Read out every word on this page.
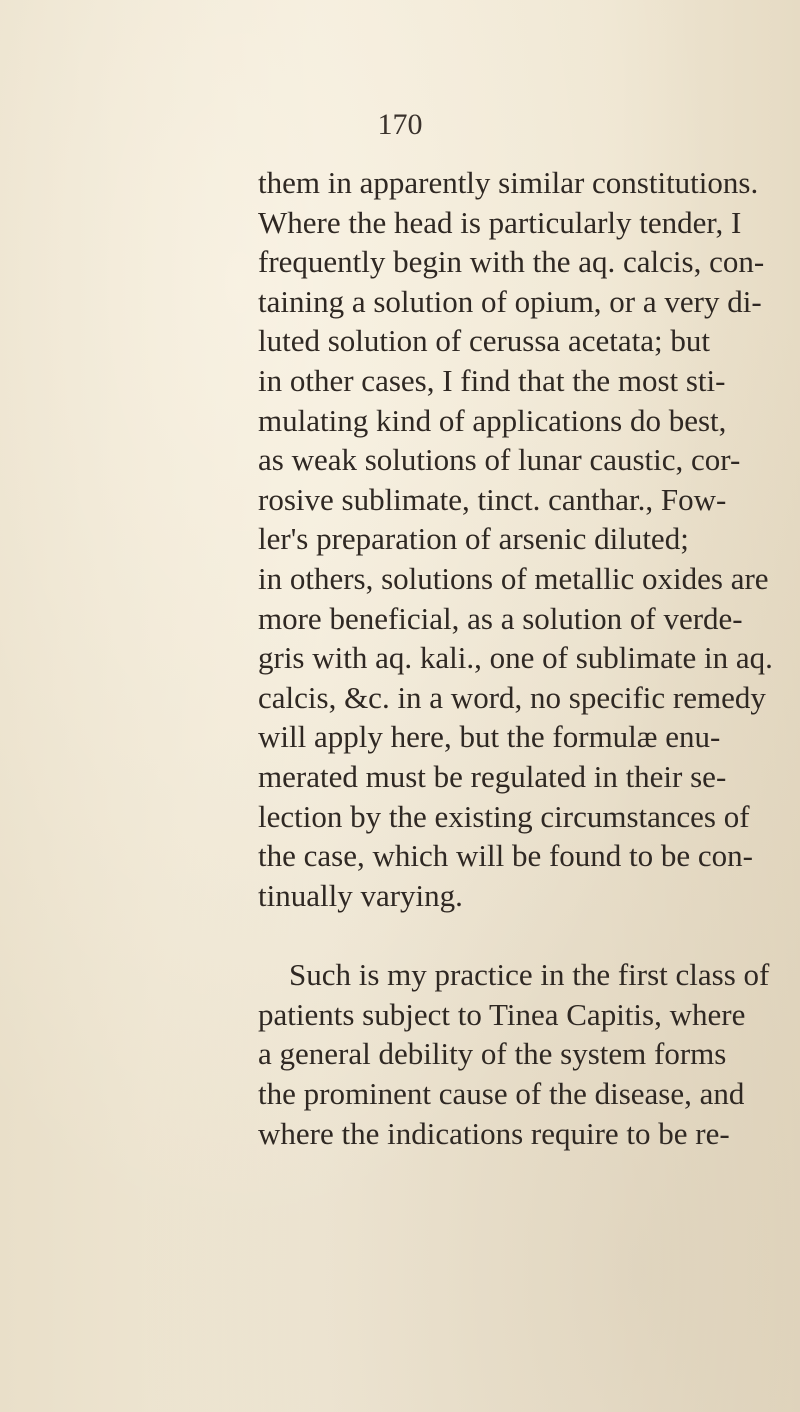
170
them in apparently similar constitutions.
Where the head is particularly tender, I
frequently begin with the aq. calcis, con-
taining a solution of opium, or a very di-
luted solution of cerussa acetata; but
in other cases, I find that the most sti-
mulating kind of applications do best,
as weak solutions of lunar caustic, cor-
rosive sublimate, tinct. canthar., Fow-
ler's preparation of arsenic diluted;
in others, solutions of metallic oxides are
more beneficial, as a solution of verde-
gris with aq. kali., one of sublimate in aq.
calcis, &c. in a word, no specific remedy
will apply here, but the formulæ enu-
merated must be regulated in their se-
lection by the existing circumstances of
the case, which will be found to be con-
tinually varying.
Such is my practice in the first class of
patients subject to Tinea Capitis, where
a general debility of the system forms
the prominent cause of the disease, and
where the indications require to be re-
